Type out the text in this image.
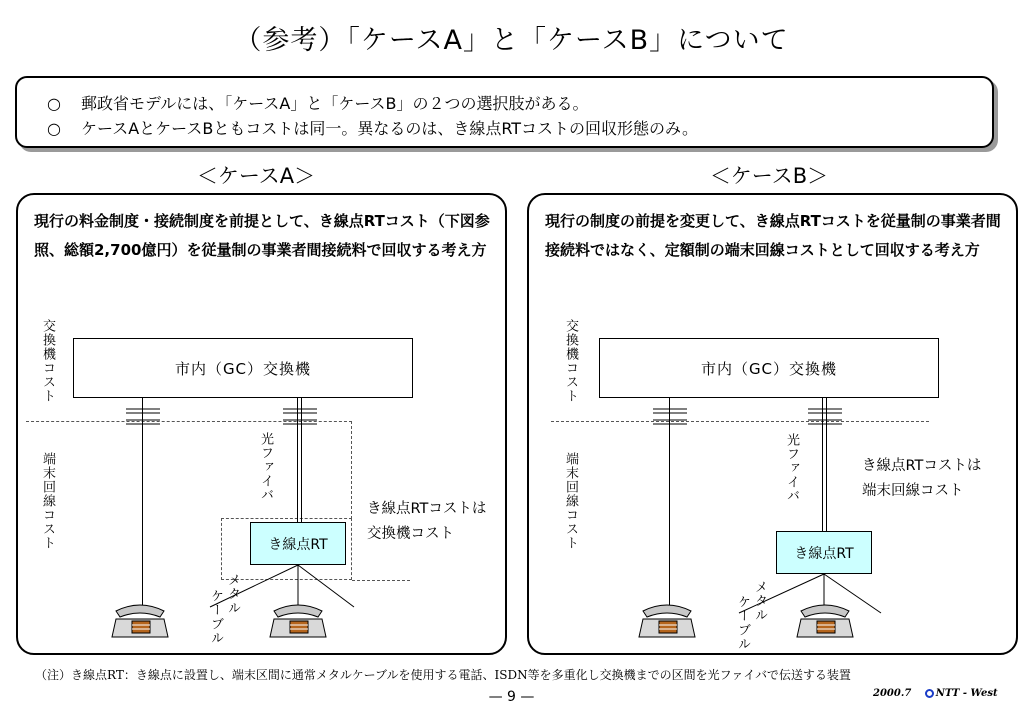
（参考）「ケースA」と「ケースB」について
○ 郵政省モデルには、「ケースA」と「ケースB」の２つの選択肢がある。
○ ケースAとケースBともコストは同一。異なるのは、き線点RTコストの回収形態のみ。
＜ケースA＞	＜ケースB＞
現行の料金制度・接続制度を前提として、き線点RTコスト（下図参照、総額2,700億円）を従量制の事業者間接続料で回収する考え方
交換機コスト
端末回線コスト
市内（GC）交換機
光ファイバ
き線点RT
メタル
ケーブル
き線点RTコストは
交換機コスト
現行の制度の前提を変更して、き線点RTコストを従量制の事業者間接続料ではなく、定額制の端末回線コストとして回収する考え方
交換機コスト
端末回線コスト
市内（GC）交換機
光ファイバ
き線点RT
メタル
ケーブル
き線点RTコストは
端末回線コスト
（注）き線点RT：き線点に設置し、端末区間に通常メタルケーブルを使用する電話、ISDN等を多重化し交換機までの区間を光ファイバで伝送する装置
— 9 —	2000.7 NTT - West
